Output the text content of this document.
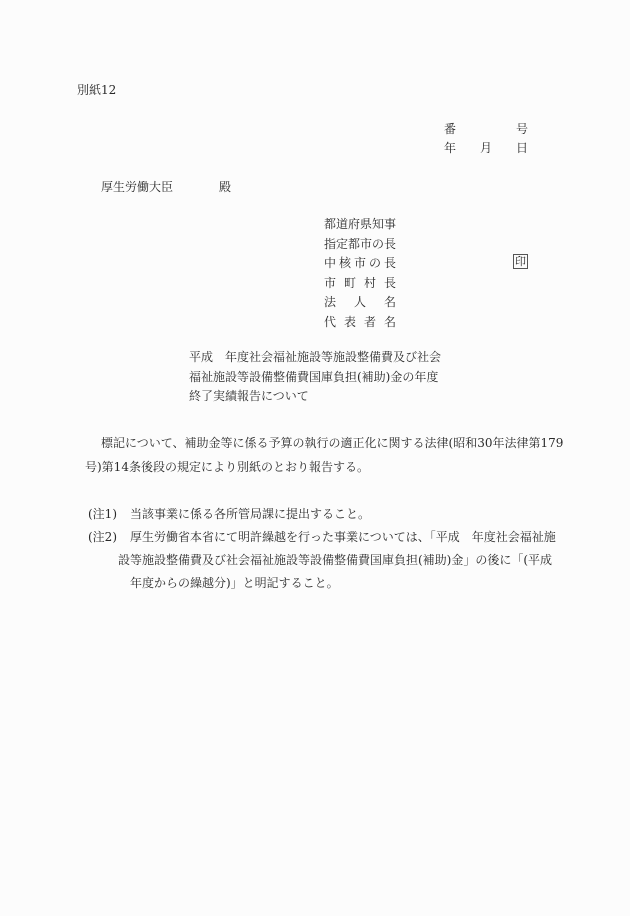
別紙12
番	号
年 月 日
厚生労働大臣	殿
都道府県知事
指定都市の長
中 核 市 の 長
市 町 村 長
法 人 名
代 表 者 名
印
平成　年度社会福祉施設等施設整備費及び社会
福祉施設等設備整備費国庫負担(補助)金の年度
終了実績報告について
標記について、補助金等に係る予算の執行の適正化に関する法律(昭和30年法律第179
号)第14条後段の規定により別紙のとおり報告する。
(注1) 当該事業に係る各所管局課に提出すること。
(注2) 厚生労働省本省にて明許繰越を行った事業については、「平成　年度社会福祉施
設等施設整備費及び社会福祉施設等設備整備費国庫負担(補助)金」の後に「(平成
年度からの繰越分)」と明記すること。
